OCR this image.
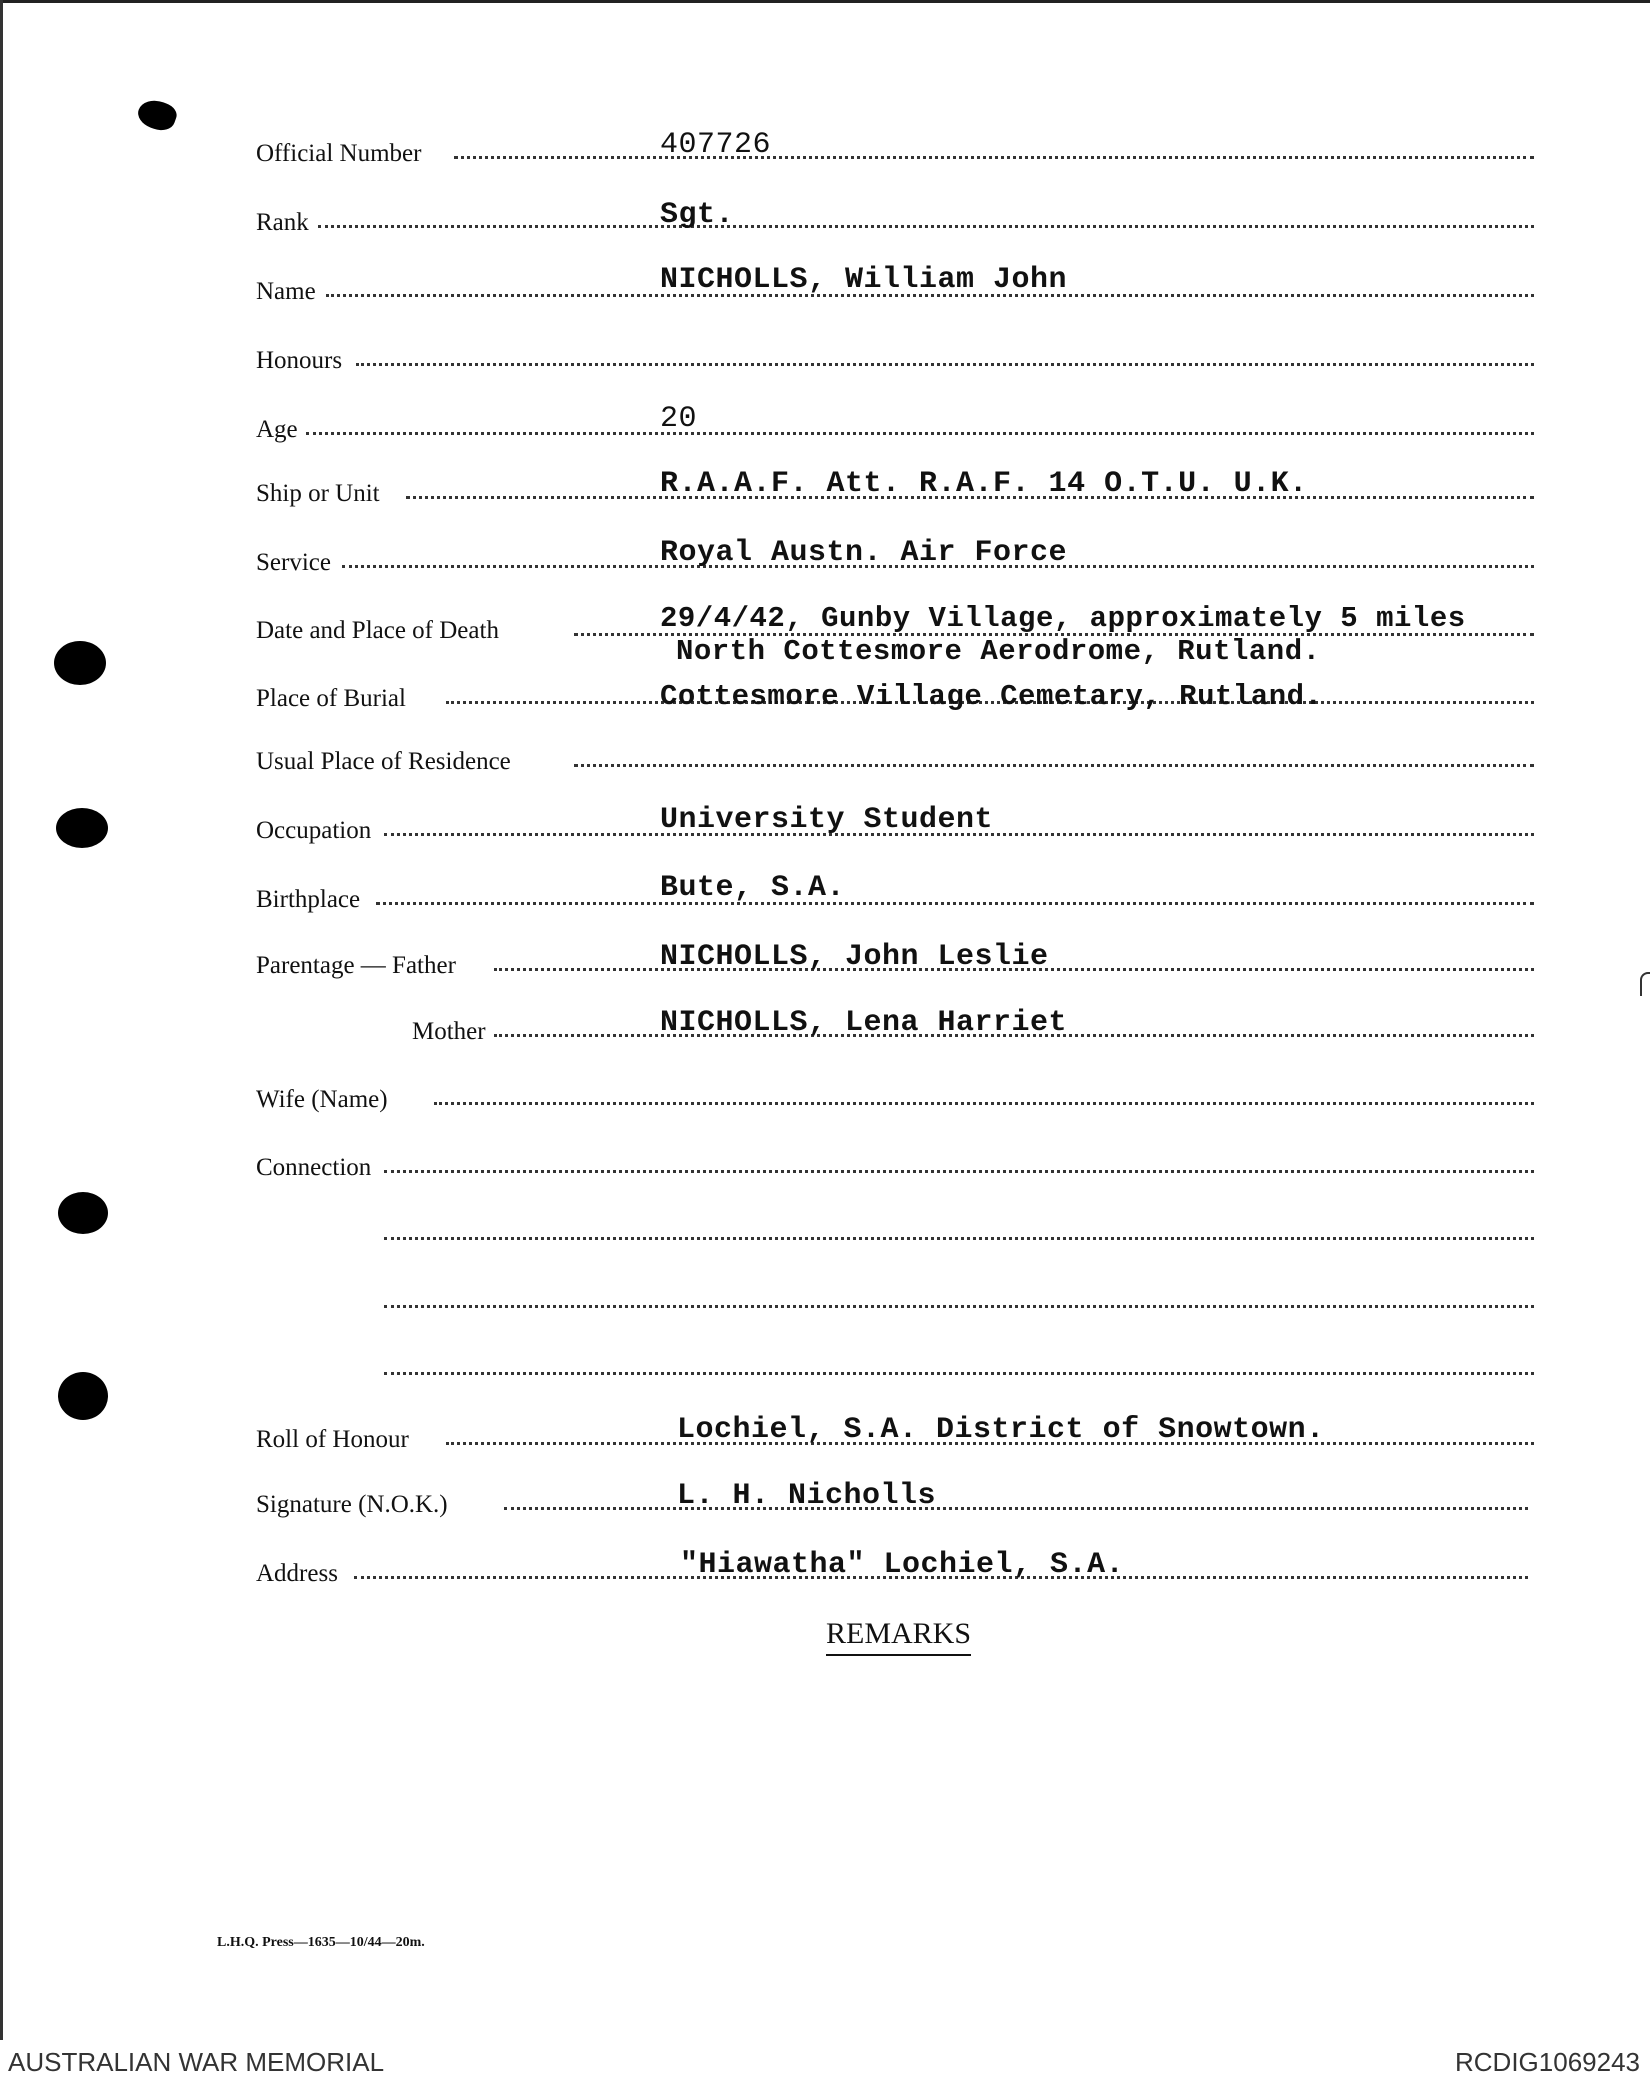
Official Number	407726
Rank	Sgt.
Name	NICHOLLS, William John
Honours
Age	20
Ship or Unit	R.A.A.F. Att. R.A.F. 14 O.T.U. U.K.
Service	Royal Austn. Air Force
Date and Place of Death	29/4/42, Gunby Village, approximately 5 miles
North Cottesmore Aerodrome, Rutland.
Place of Burial	Cottesmore Village Cemetary, Rutland.
Usual Place of Residence
Occupation	University Student
Birthplace	Bute, S.A.
Parentage — Father	NICHOLLS, John Leslie
Mother	NICHOLLS, Lena Harriet
Wife (Name)
Connection
Roll of Honour	Lochiel, S.A. District of Snowtown.
Signature (N.O.K.)	L. H. Nicholls
Address	"Hiawatha" Lochiel, S.A.
REMARKS
L.H.Q. Press—1635—10/44—20m.
AUSTRALIAN WAR MEMORIAL	RCDIG1069243
